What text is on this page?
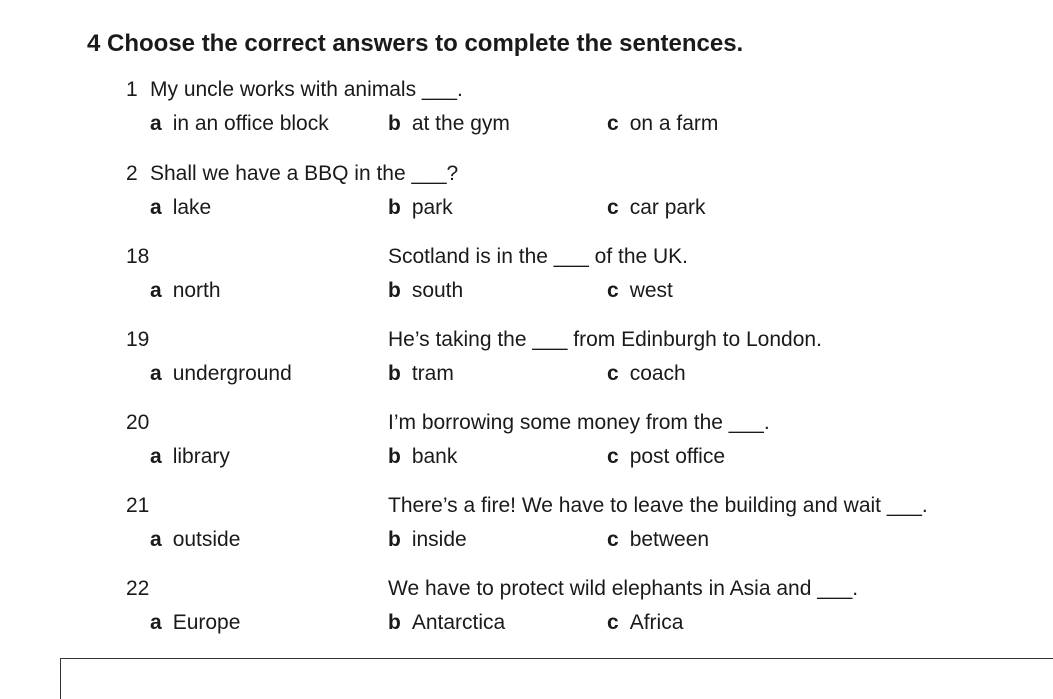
4 Choose the correct answers to complete the sentences.
1 My uncle works with animals ___.
a in an office block	b at the gym	c on a farm
2 Shall we have a BBQ in the ___?
a lake	b park	c car park
18	Scotland is in the ___ of the UK.
a north	b south	c west
19	He’s taking the ___ from Edinburgh to London.
a underground	b tram	c coach
20	I’m borrowing some money from the ___.
a library	b bank	c post office
21	There’s a fire! We have to leave the building and wait ___.
a outside	b inside	c between
22	We have to protect wild elephants in Asia and ___.
a Europe	b Antarctica	c Africa
